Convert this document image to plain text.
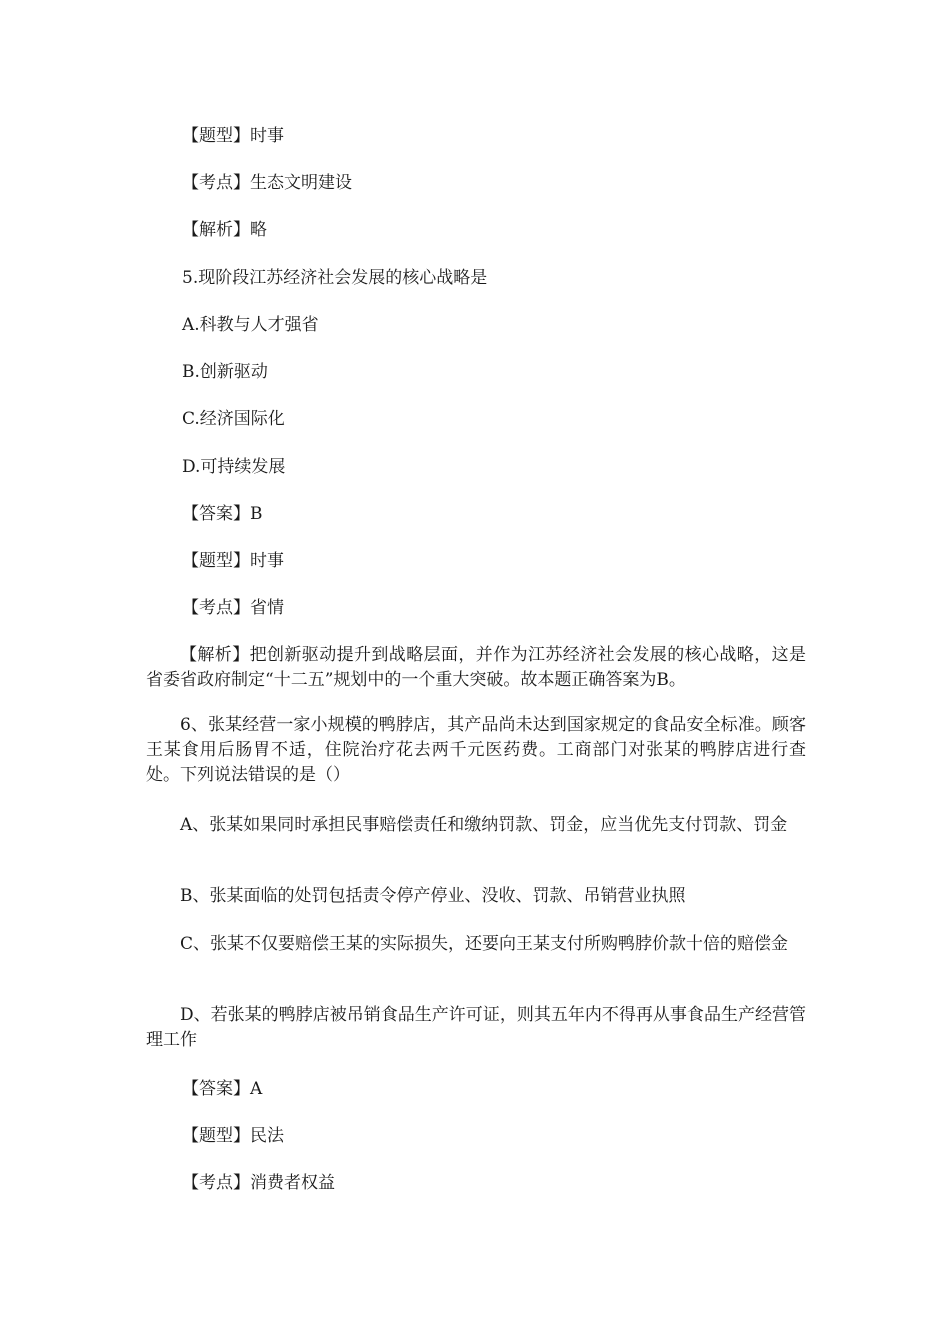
【题型】时事
【考点】生态文明建设
【解析】略
5.现阶段江苏经济社会发展的核心战略是
A.科教与人才强省
B.创新驱动
C.经济国际化
D.可持续发展
【答案】B
【题型】时事
【考点】省情
【解析】把创新驱动提升到战略层面，并作为江苏经济社会发展的核心战略，这是省委省政府制定“十二五”规划中的一个重大突破。故本题正确答案为B。
6、张某经营一家小规模的鸭脖店，其产品尚未达到国家规定的食品安全标准。顾客王某食用后肠胃不适，住院治疗花去两千元医药费。工商部门对张某的鸭脖店进行查处。下列说法错误的是（）
A、张某如果同时承担民事赔偿责任和缴纳罚款、罚金，应当优先支付罚款、罚金
B、张某面临的处罚包括责令停产停业、没收、罚款、吊销营业执照
C、张某不仅要赔偿王某的实际损失，还要向王某支付所购鸭脖价款十倍的赔偿金
D、若张某的鸭脖店被吊销食品生产许可证，则其五年内不得再从事食品生产经营管理工作
【答案】A
【题型】民法
【考点】消费者权益
